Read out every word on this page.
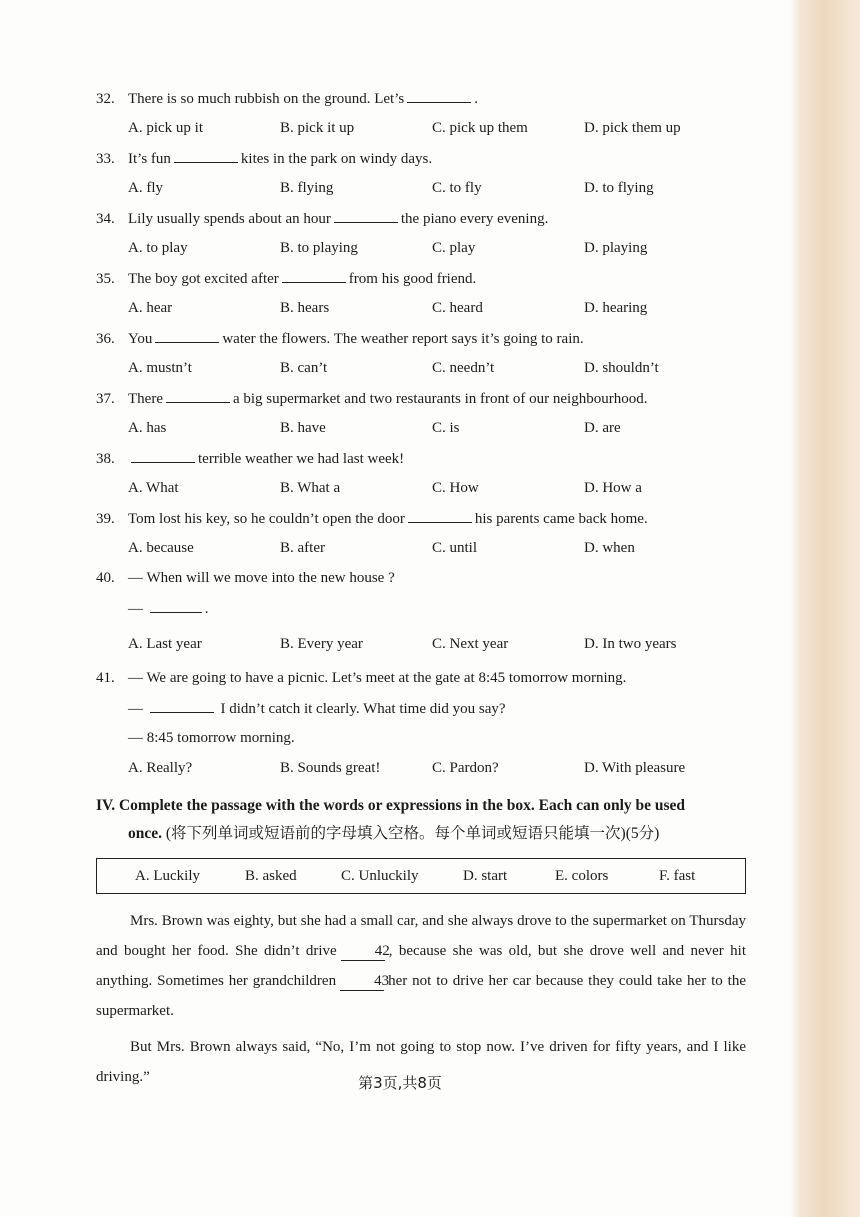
32. There is so much rubbish on the ground. Let’s	.
A. pick up it	B. pick it up	C. pick up them	D. pick them up
33. It’s fun	kites in the park on windy days.
A. fly	B. flying	C. to fly	D. to flying
34. Lily usually spends about an hour	the piano every evening.
A. to play	B. to playing	C. play	D. playing
35. The boy got excited after	from his good friend.
A. hear	B. hears	C. heard	D. hearing
36. You	water the flowers. The weather report says it’s going to rain.
A. mustn’t	B. can’t	C. needn’t	D. shouldn’t
37. There	a big supermarket and two restaurants in front of our neighbourhood.
A. has	B. have	C. is	D. are
38.	terrible weather we had last week!
A. What	B. What a	C. How	D. How a
39. Tom lost his key, so he couldn’t open the door	his parents came back home.
A. because	B. after	C. until	D. when
40. — When will we move into the new house ?
—	.
A. Last year	B. Every year	C. Next year	D. In two years
41. — We are going to have a picnic. Let’s meet at the gate at 8:45 tomorrow morning.
—	I didn’t catch it clearly. What time did you say?
— 8:45 tomorrow morning.
A. Really?	B. Sounds great!	C. Pardon?	D. With pleasure
IV. Complete the passage with the words or expressions in the box. Each can only be used
once. (将下列单词或短语前的字母填入空格。每个单词或短语只能填一次)(5分)
A. Luckily	B. asked	C. Unluckily	D. start	E. colors	F. fast

Mrs. Brown was eighty, but she had a small car, and she always drove to the supermarket on Thursday and bought her food. She didn’t drive	42, because she was old, but she drove well and never hit anything. Sometimes her grandchildren	43her not to drive her car because they could take her to the supermarket.

But Mrs. Brown always said, “No, I’m not going to stop now. I’ve driven for fifty years, and I like driving.”	第3页,共8页
